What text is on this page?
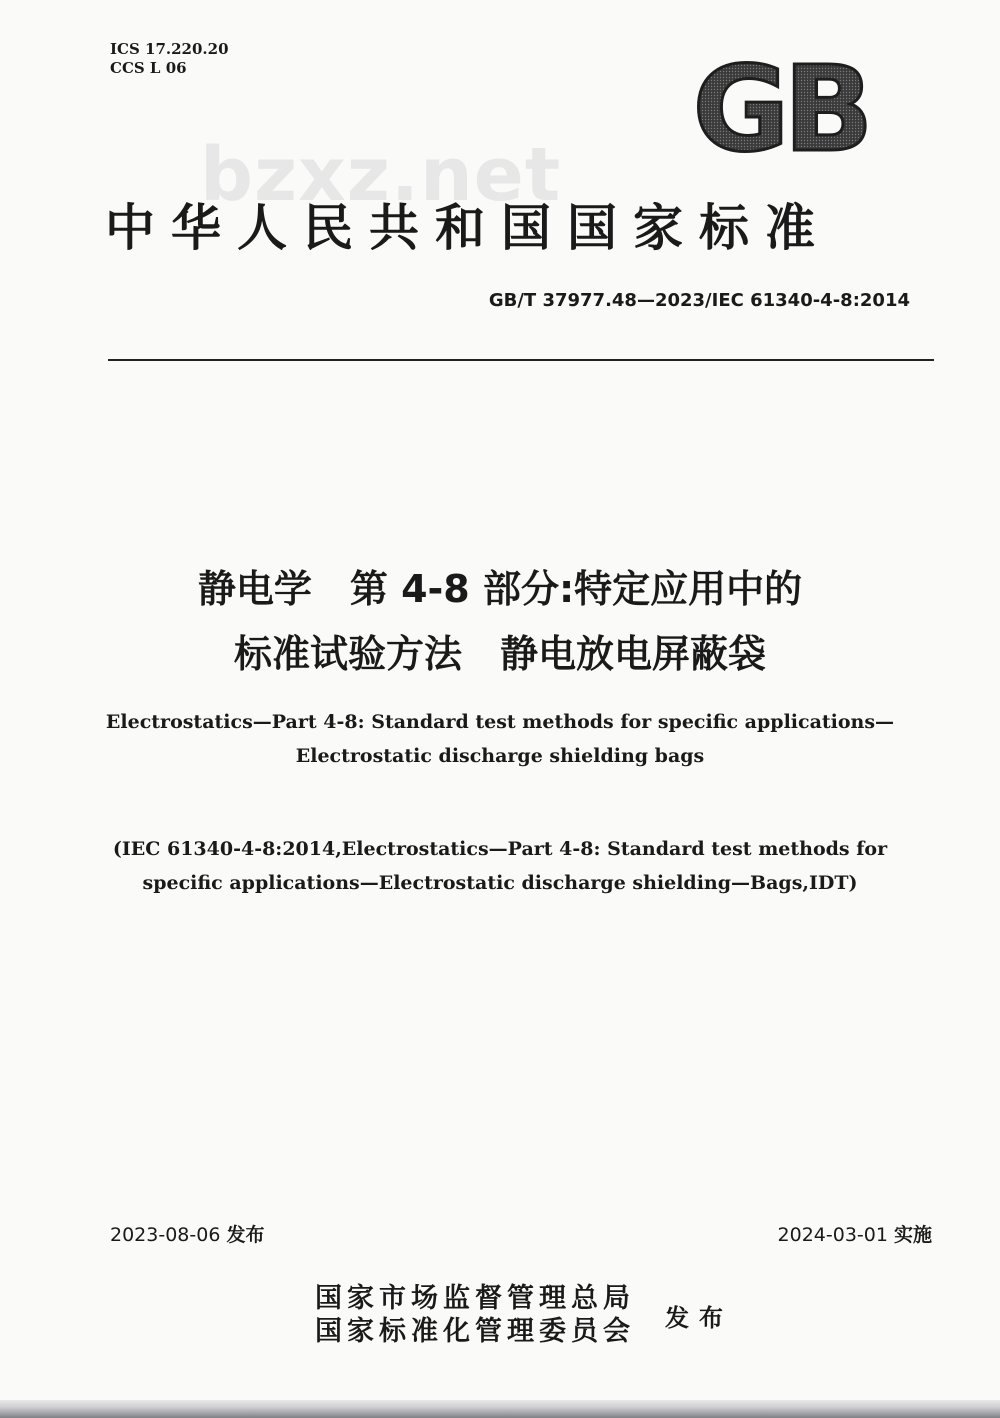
ICS 17.220.20
CCS L 06	GB
bzxz.net
中华人民共和国国家标准
GB/T 37977.48—2023/IEC 61340-4-8:2014
静电学　第 4-8 部分:特定应用中的
标准试验方法　静电放电屏蔽袋
Electrostatics—Part 4-8: Standard test methods for specific applications—
Electrostatic discharge shielding bags
(IEC 61340-4-8:2014,Electrostatics—Part 4-8: Standard test methods for
specific applications—Electrostatic discharge shielding—Bags,IDT)
2023-08-06 发布	2024-03-01 实施
国家市场监督管理总局
国家标准化管理委员会 发布
